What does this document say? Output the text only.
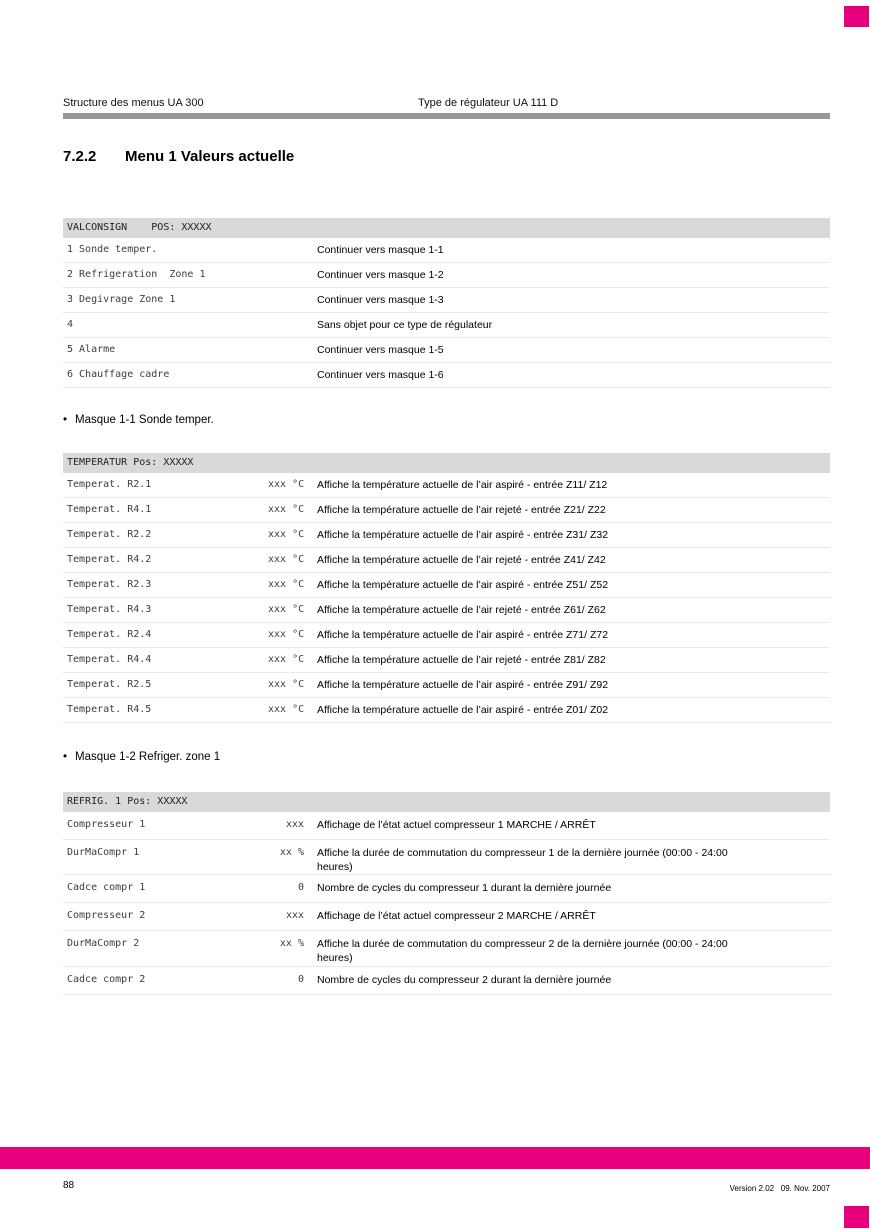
Structure des menus UA 300	Type de régulateur UA 111 D
7.2.2	Menu 1 Valeurs actuelle
VALCONSIGN    POS: XXXXX
1 Sonde temper.	Continuer vers masque 1-1
2 Refrigeration  Zone 1	Continuer vers masque 1-2
3 Degivrage Zone 1	Continuer vers masque 1-3
4	Sans objet pour ce type de régulateur
5 Alarme	Continuer vers masque 1-5
6 Chauffage cadre	Continuer vers masque 1-6
• Masque 1-1 Sonde temper.
TEMPERATUR Pos: XXXXX
Temperat. R2.1	xxx °C Affiche la température actuelle de l’air aspiré - entrée Z11/ Z12
Temperat. R4.1	xxx °C Affiche la température actuelle de l’air rejeté - entrée Z21/ Z22
Temperat. R2.2	xxx °C Affiche la température actuelle de l’air aspiré - entrée Z31/ Z32
Temperat. R4.2	xxx °C Affiche la température actuelle de l’air rejeté - entrée Z41/ Z42
Temperat. R2.3	xxx °C Affiche la température actuelle de l’air aspiré - entrée Z51/ Z52
Temperat. R4.3	xxx °C Affiche la température actuelle de l’air rejeté - entrée Z61/ Z62
Temperat. R2.4	xxx °C Affiche la température actuelle de l’air aspiré - entrée Z71/ Z72
Temperat. R4.4	xxx °C Affiche la température actuelle de l’air rejeté - entrée Z81/ Z82
Temperat. R2.5	xxx °C Affiche la température actuelle de l’air aspiré - entrée Z91/ Z92
Temperat. R4.5	xxx °C Affiche la température actuelle de l’air aspiré - entrée Z01/ Z02
• Masque 1-2 Refriger. zone 1
REFRIG. 1 Pos: XXXXX
Compresseur 1	xxx Affichage de l’état actuel compresseur 1 MARCHE / ARRÊT
DurMaCompr 1	xx % Affiche la durée de commutation du compresseur 1 de la dernière journée (00:00 - 24:00 heures)
Cadce compr 1	0 Nombre de cycles du compresseur 1 durant la dernière journée
Compresseur 2	xxx Affichage de l’état actuel compresseur 2 MARCHE / ARRÊT
DurMaCompr 2	xx % Affiche la durée de commutation du compresseur 2 de la dernière journée (00:00 - 24:00 heures)
Cadce compr 2	0 Nombre de cycles du compresseur 2 durant la dernière journée
88	Version 2.02   09. Nov. 2007
